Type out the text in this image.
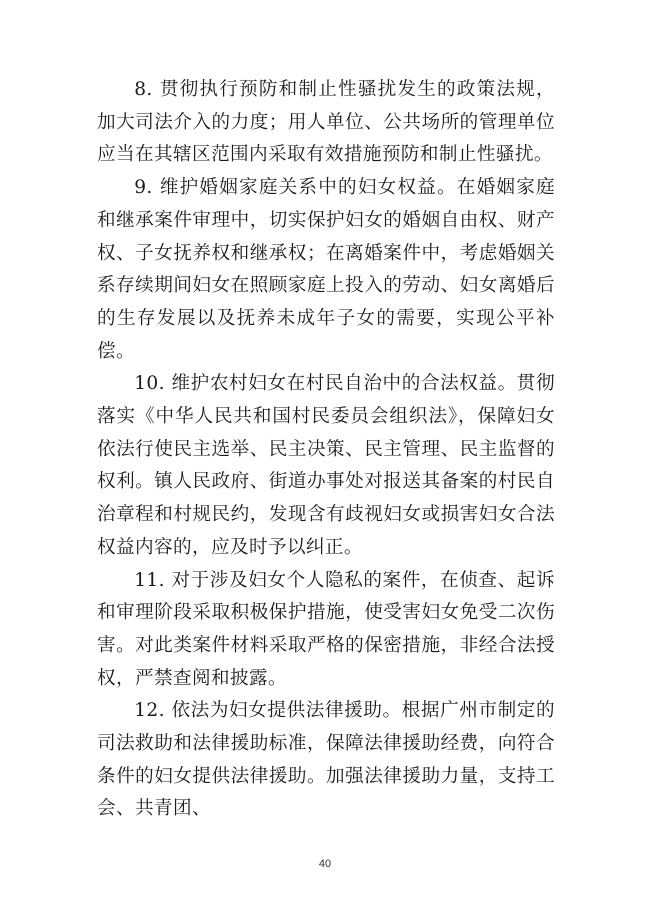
8. 贯彻执行预防和制止性骚扰发生的政策法规，加大司法介入的力度；用人单位、公共场所的管理单位应当在其辖区范围内采取有效措施预防和制止性骚扰。

9. 维护婚姻家庭关系中的妇女权益。在婚姻家庭和继承案件审理中，切实保护妇女的婚姻自由权、财产权、子女抚养权和继承权；在离婚案件中，考虑婚姻关系存续期间妇女在照顾家庭上投入的劳动、妇女离婚后的生存发展以及抚养未成年子女的需要，实现公平补偿。

10. 维护农村妇女在村民自治中的合法权益。贯彻落实《中华人民共和国村民委员会组织法》，保障妇女依法行使民主选举、民主决策、民主管理、民主监督的权利。镇人民政府、街道办事处对报送其备案的村民自治章程和村规民约，发现含有歧视妇女或损害妇女合法权益内容的，应及时予以纠正。

11. 对于涉及妇女个人隐私的案件，在侦查、起诉和审理阶段采取积极保护措施，使受害妇女免受二次伤害。对此类案件材料采取严格的保密措施，非经合法授权，严禁查阅和披露。

12. 依法为妇女提供法律援助。根据广州市制定的司法救助和法律援助标准，保障法律援助经费，向符合条件的妇女提供法律援助。加强法律援助力量，支持工会、共青团、

40
